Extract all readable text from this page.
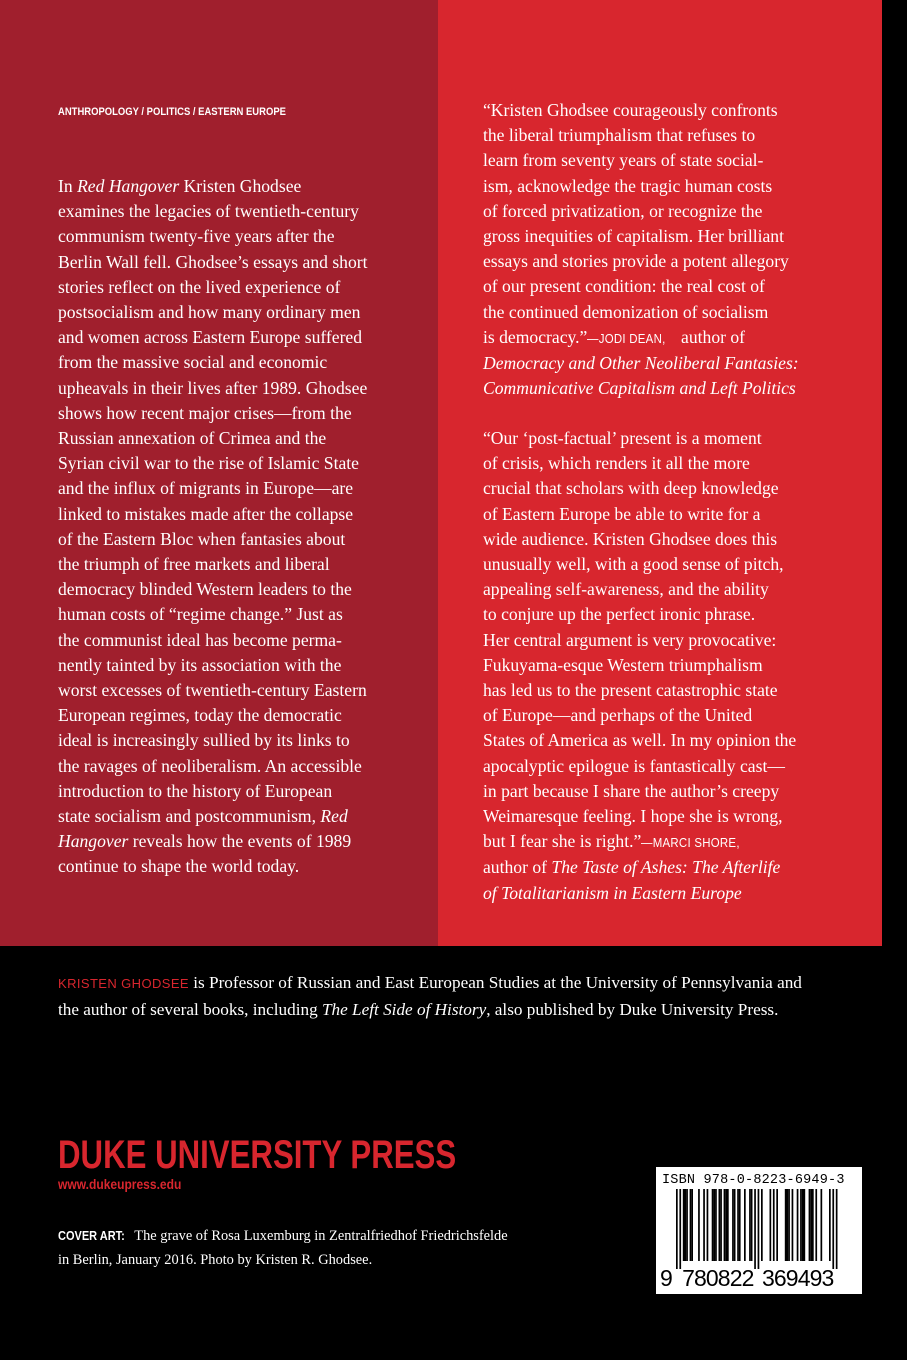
ANTHROPOLOGY / POLITICS / EASTERN EUROPE
In Red Hangover Kristen Ghodsee
examines the legacies of twentieth-century
communism twenty-five years after the
Berlin Wall fell. Ghodsee’s essays and short
stories reflect on the lived experience of
postsocialism and how many ordinary men
and women across Eastern Europe suffered
from the massive social and economic
upheavals in their lives after 1989. Ghodsee
shows how recent major crises—from the
Russian annexation of Crimea and the
Syrian civil war to the rise of Islamic State
and the influx of migrants in Europe—are
linked to mistakes made after the collapse
of the Eastern Bloc when fantasies about
the triumph of free markets and liberal
democracy blinded Western leaders to the
human costs of “regime change.” Just as
the communist ideal has become perma-
nently tainted by its association with the
worst excesses of twentieth-century Eastern
European regimes, today the democratic
ideal is increasingly sullied by its links to
the ravages of neoliberalism. An accessible
introduction to the history of European
state socialism and postcommunism, Red
Hangover reveals how the events of 1989
continue to shape the world today.
“Kristen Ghodsee courageously confronts
the liberal triumphalism that refuses to
learn from seventy years of state social-
ism, acknowledge the tragic human costs
of forced privatization, or recognize the
gross inequities of capitalism. Her brilliant
essays and stories provide a potent allegory
of our present condition: the real cost of
the continued demonization of socialism
is democracy.”—JODI DEAN, author of
Democracy and Other Neoliberal Fantasies:
Communicative Capitalism and Left Politics
“Our ‘post-factual’ present is a moment
of crisis, which renders it all the more
crucial that scholars with deep knowledge
of Eastern Europe be able to write for a
wide audience. Kristen Ghodsee does this
unusually well, with a good sense of pitch,
appealing self-awareness, and the ability
to conjure up the perfect ironic phrase.
Her central argument is very provocative:
Fukuyama-esque Western triumphalism
has led us to the present catastrophic state
of Europe—and perhaps of the United
States of America as well. In my opinion the
apocalyptic epilogue is fantastically cast—
in part because I share the author’s creepy
Weimaresque feeling. I hope she is wrong,
but I fear she is right.”—MARCI SHORE,
author of The Taste of Ashes: The Afterlife
of Totalitarianism in Eastern Europe
KRISTEN GHODSEE is Professor of Russian and East European Studies at the University of Pennsylvania and
the author of several books, including The Left Side of History, also published by Duke University Press.
DUKE UNIVERSITY PRESS
www.dukeupress.edu
COVER ART: The grave of Rosa Luxemburg in Zentralfriedhof Friedrichsfelde
in Berlin, January 2016. Photo by Kristen R. Ghodsee.
ISBN 978-0-8223-6949-3
9 7 8 0 8 2 2 3 6 9 4 9 3
